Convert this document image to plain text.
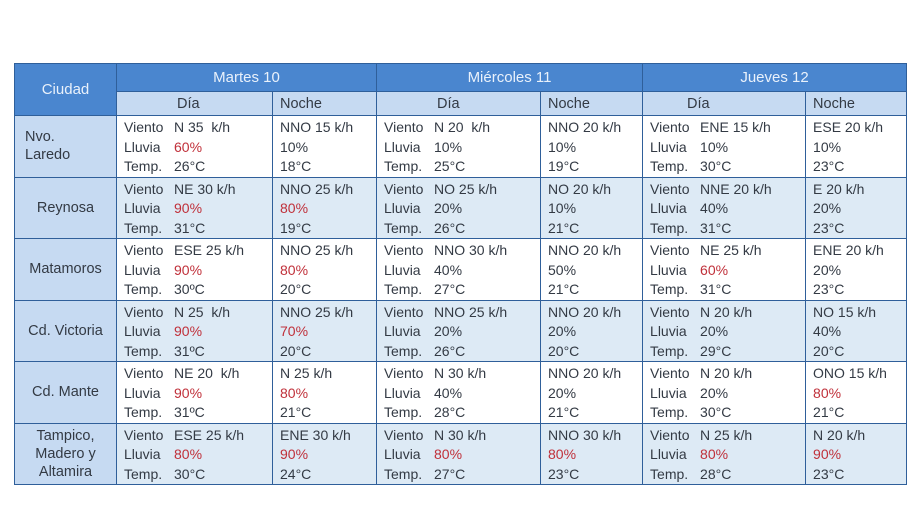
Ciudad	Martes 10		Miércoles 11		Jueves 12	

	Día	Noche	Día	Noche	Día	Noche

Nvo.
Laredo	Viento N 35  k/h
Lluvia 60%
Temp. 26°C	NNO 15 k/h
10%
18°C	Viento N 20  k/h
Lluvia 10%
Temp. 25°C	NNO 20 k/h
10%
19°C	Viento ENE 15 k/h
Lluvia 10%
Temp. 30°C	ESE 20 k/h
10%
23°C

Reynosa	Viento NE 30 k/h
Lluvia 90%
Temp. 31°C	NNO 25 k/h
80%
19°C	Viento NO 25 k/h
Lluvia 20%
Temp. 26°C	NO 20 k/h
10%
21°C	Viento NNE 20 k/h
Lluvia 40%
Temp. 31°C	E 20 k/h
20%
23°C

Matamoros	Viento ESE 25 k/h
Lluvia 90%
Temp. 30ºC	NNO 25 k/h
80%
20°C	Viento NNO 30 k/h
Lluvia 40%
Temp. 27°C	NNO 20 k/h
50%
21°C	Viento NE 25 k/h
Lluvia 60%
Temp. 31°C	ENE 20 k/h
20%
23°C

Cd. Victoria	Viento N 25  k/h
Lluvia 90%
Temp. 31ºC	NNO 25 k/h
70%
20°C	Viento NNO 25 k/h
Lluvia 20%
Temp. 26°C	NNO 20 k/h
20%
20°C	Viento N 20 k/h
Lluvia 20%
Temp. 29°C	NO 15 k/h
40%
20°C

Cd. Mante	Viento NE 20  k/h
Lluvia 90%
Temp. 31ºC	N 25 k/h
80%
21°C	Viento N 30 k/h
Lluvia 40%
Temp. 28°C	NNO 20 k/h
20%
21°C	Viento N 20 k/h
Lluvia 20%
Temp. 30°C	ONO 15 k/h
80%
21°C

Tampico,
Madero y
Altamira	Viento ESE 25 k/h
Lluvia 80%
Temp. 30°C	ENE 30 k/h
90%
24°C	Viento N 30 k/h
Lluvia 80%
Temp. 27°C	NNO 30 k/h
80%
23°C	Viento N 25 k/h
Lluvia 80%
Temp. 28°C	N 20 k/h
90%
23°C
